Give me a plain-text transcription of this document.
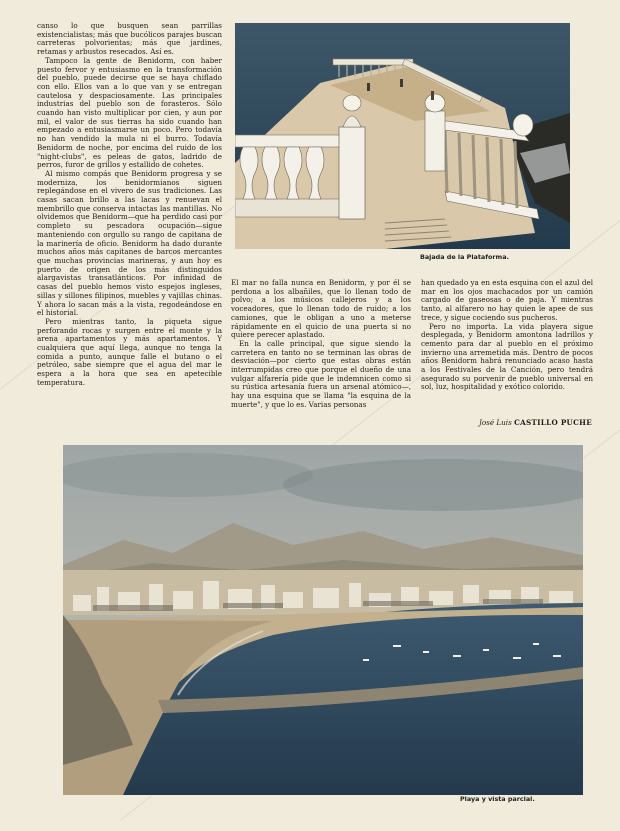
canso lo que busquen sean parrillas existencialistas; más que bucólicos parajes buscan carreteras polvorientas; más que jardines, retamas y arbustos resecados. Así es.

Tampoco la gente de Benidorm, con haber puesto fervor y entusiasmo en la transformación del pueblo, puede decirse que se haya chiflado con ello. Ellos van a lo que van y se entregan cautelosa y despaciosamente. Las principales industrias del pueblo son de forasteros. Sólo cuando han visto multiplicar por cien, y aun por mil, el valor de sus tierras ha sido cuando han empezado a entusiasmarse un poco. Pero todavía no han vendido la mula ni el burro. Todavía Benidorm de noche, por encima del ruido de los "night-clubs", es peleas de gatos, ladrido de perros, furor de grillos y estallido de cohetes.

Al mismo compás que Benidorm progresa y se moderniza, los benidormianos siguen replegándose en el vivero de sus tradiciones. Las casas sacan brillo a las lacas y renuevan el membrillo que conserva intactas las mantillas. No olvidemos que Benidorm—que ha perdido casi por completo su pescadora ocupación—sigue manteniendo con orgullo su rango de capitana de la marinería de oficio. Benidorm ha dado durante muchos años más capitanes de barcos mercantes que muchas provincias marineras, y aun hoy es puerto de origen de los más distinguidos alargavistas transatlánticos. Por infinidad de casas del pueblo hemos visto espejos ingleses, sillas y sillones filipinos, muebles y vajillas chinas. Y ahora lo sacan más a la vista, regodeándose en el historial.

Pero mientras tanto, la piqueta sigue perforando rocas y surgen entre el monte y la arena apartamentos y más apartamentos. Y cualquiera que aquí llega, aunque no tenga la comida a punto, aunque falle el butano o el petróleo, sabe siempre que el agua del mar le espera a la hora que sea en apetecible temperatura.

Bajada de la Plataforma.

El mar no falla nunca en Benidorm, y por él se perdona a los albañiles, que lo llenan todo de polvo; a los músicos callejeros y a los voceadores, que lo llenan todo de ruido; a los camiones, que le obligan a uno a meterse rápidamente en el quicio de una puerta si no quiere perecer aplastado.

En la calle principal, que sigue siendo la carretera en tanto no se terminan las obras de desviación—por cierto que estas obras están interrumpidas creo que porque el dueño de una vulgar alfarería pide que le indemnicen como si su rústica artesanía fuera un arsenal atómico—, hay una esquina que se llama "la esquina de la muerte", y que lo es. Varias personas

han quedado ya en esta esquina con el azul del mar en los ojos machacados por un camión cargado de gaseosas o de paja. Y mientras tanto, al alfarero no hay quien le apee de sus trece, y sigue cociendo sus pucheros.

Pero no importa. La vida playera sigue desplegada, y Benidorm amontona ladrillos y cemento para dar al pueblo en el próximo invierno una arremetida más. Dentro de pocos años Benidorm habrá renunciado acaso hasta a los Festivales de la Canción, pero tendrá asegurado su porvenir de pueblo universal en sol, luz, hospitalidad y exótico colorido.

José Luis CASTILLO PUCHE
Playa y vista parcial.
